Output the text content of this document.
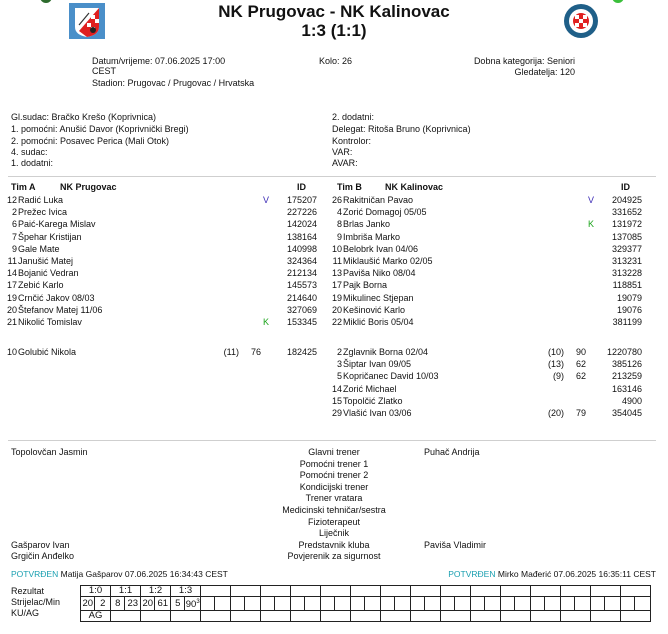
NK Prugovac - NK Kalinovac
1:3 (1:1)
Datum/vrijeme: 07.06.2025 17:00
CEST
Stadion: Prugovac / Prugovac / Hrvatska
Kolo: 26	Dobna kategorija: Seniori
Gledatelja: 120
Gl.sudac: Bračko Krešo (Koprivnica)
1. pomoćni: Anušić Davor (Koprivnički Bregi)
2. pomoćni: Posavec Perica (Mali Otok)
4. sudac:
1. dodatni:
2. dodatni:
Delegat: Ritoša Bruno (Koprivnica)
Kontrolor:
VAR:
AVAR:
Tim A	NK Prugovac	ID	Tim B	NK Kalinovac	ID
12 Radić Luka	V 175207
2 Prežec Ivica	227226
6 Paić-Karega Mislav	142024
7 Špehar Kristijan	138164
9 Gale Mate	140998
11 Janušić Matej	324364
14 Bojanić Vedran	212134
17 Zebić Karlo	145573
19 Crnčić Jakov 08/03	214640
20 Štefanov Matej 11/06	327069
21 Nikolić Tomislav	K 153345
26 Rakitničan Pavao	V 204925
4 Zorić Domagoj 05/05	331652
8 Brlas Janko	K 131972
9 Imbriša Marko	137085
10 Belobrk Ivan 04/06	329377
11 Miklaušić Marko 02/05	313231
13 Paviša Niko 08/04	313228
17 Pajk Borna	118851
19 Mikulinec Stjepan	19079
20 Kešinović Karlo	19076
22 Miklić Boris 05/04	381199
10 Golubić Nikola	(11) 76	182425	2 Zglavnik Borna 02/04	(10) 90 1220780
3 Šiptar Ivan 09/05	(13) 62	385126
5 Kopričanec David 10/03	(9) 62	213259
14 Zorić Michael	163146
15 Topolčić Zlatko	4900
29 Vlašić Ivan 03/06	(20) 79	354045
Glavni trener
Topolovčan Jasmin	Puhač Andrija
Pomoćni trener 1
Pomoćni trener 2
Kondicijski trener
Trener vratara
Medicinski tehničar/sestra
Fizioterapeut
Liječnik
Predstavnik kluba
Gašparov Ivan	Paviša Vladimir
Povjerenik za sigurnost
Grgičin Anđelko
POTVRĐEN Matija Gašparov 07.06.2025 16:34:43 CEST	POTVRĐEN Mirko Mađerić 07.06.2025 16:35:11 CEST
Rezultat
Strijelac/Min
KU/AG
1:0		1:1		1:2		1:3																															
20	2	8	23	20	61	5	$90^3$																														
AG																																					
